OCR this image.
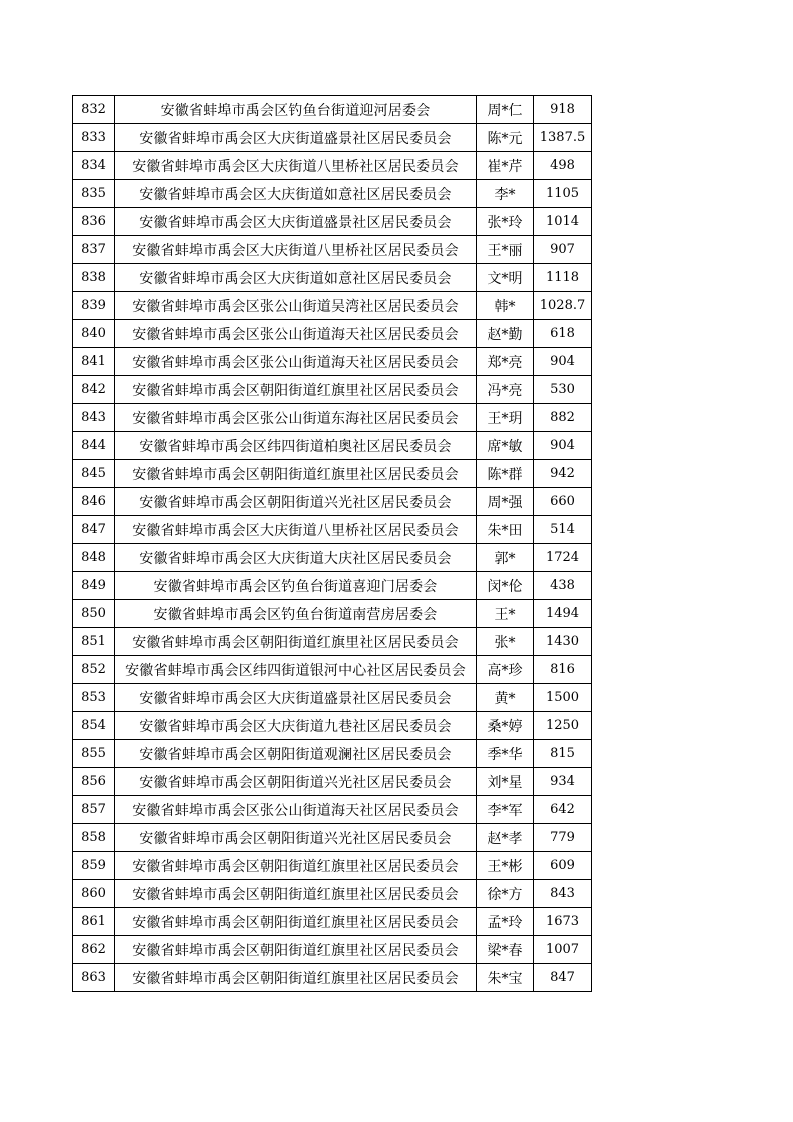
832	安徽省蚌埠市禹会区钓鱼台街道迎河居委会	周*仁	918
833	安徽省蚌埠市禹会区大庆街道盛景社区居民委员会	陈*元	1387.5
834	安徽省蚌埠市禹会区大庆街道八里桥社区居民委员会	崔*芹	498
835	安徽省蚌埠市禹会区大庆街道如意社区居民委员会	李*	1105
836	安徽省蚌埠市禹会区大庆街道盛景社区居民委员会	张*玲	1014
837	安徽省蚌埠市禹会区大庆街道八里桥社区居民委员会	王*丽	907
838	安徽省蚌埠市禹会区大庆街道如意社区居民委员会	文*明	1118
839	安徽省蚌埠市禹会区张公山街道吴湾社区居民委员会	韩*	1028.7
840	安徽省蚌埠市禹会区张公山街道海天社区居民委员会	赵*勤	618
841	安徽省蚌埠市禹会区张公山街道海天社区居民委员会	郑*亮	904
842	安徽省蚌埠市禹会区朝阳街道红旗里社区居民委员会	冯*亮	530
843	安徽省蚌埠市禹会区张公山街道东海社区居民委员会	王*玥	882
844	安徽省蚌埠市禹会区纬四街道柏奥社区居民委员会	席*敏	904
845	安徽省蚌埠市禹会区朝阳街道红旗里社区居民委员会	陈*群	942
846	安徽省蚌埠市禹会区朝阳街道兴光社区居民委员会	周*强	660
847	安徽省蚌埠市禹会区大庆街道八里桥社区居民委员会	朱*田	514
848	安徽省蚌埠市禹会区大庆街道大庆社区居民委员会	郭*	1724
849	安徽省蚌埠市禹会区钓鱼台街道喜迎门居委会	闵*伦	438
850	安徽省蚌埠市禹会区钓鱼台街道南营房居委会	王*	1494
851	安徽省蚌埠市禹会区朝阳街道红旗里社区居民委员会	张*	1430
852	安徽省蚌埠市禹会区纬四街道银河中心社区居民委员会	高*珍	816
853	安徽省蚌埠市禹会区大庆街道盛景社区居民委员会	黄*	1500
854	安徽省蚌埠市禹会区大庆街道九巷社区居民委员会	桑*婷	1250
855	安徽省蚌埠市禹会区朝阳街道观澜社区居民委员会	季*华	815
856	安徽省蚌埠市禹会区朝阳街道兴光社区居民委员会	刘*星	934
857	安徽省蚌埠市禹会区张公山街道海天社区居民委员会	李*军	642
858	安徽省蚌埠市禹会区朝阳街道兴光社区居民委员会	赵*孝	779
859	安徽省蚌埠市禹会区朝阳街道红旗里社区居民委员会	王*彬	609
860	安徽省蚌埠市禹会区朝阳街道红旗里社区居民委员会	徐*方	843
861	安徽省蚌埠市禹会区朝阳街道红旗里社区居民委员会	孟*玲	1673
862	安徽省蚌埠市禹会区朝阳街道红旗里社区居民委员会	梁*春	1007
863	安徽省蚌埠市禹会区朝阳街道红旗里社区居民委员会	朱*宝	847
